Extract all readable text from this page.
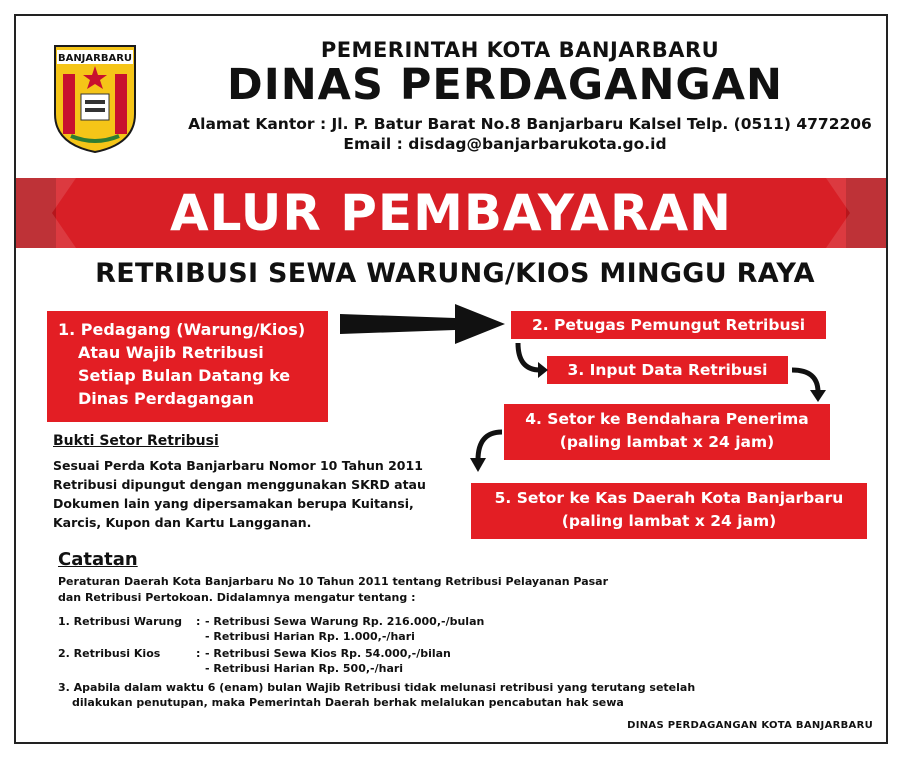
BANJARBARU	PEMERINTAH KOTA BANJARBARU
DINAS PERDAGANGAN
Alamat Kantor : Jl. P. Batur Barat No.8 Banjarbaru Kalsel Telp. (0511) 4772206
Email : disdag@banjarbarukota.go.id
ALUR PEMBAYARAN
RETRIBUSI SEWA WARUNG/KIOS MINGGU RAYA
1. Pedagang (Warung/Kios)
Atau Wajib Retribusi
Setiap Bulan Datang ke
Dinas Perdagangan
2. Petugas Pemungut Retribusi
3. Input Data Retribusi
4. Setor ke Bendahara Penerima
(paling lambat x 24 jam)
5. Setor ke Kas Daerah Kota Banjarbaru
(paling lambat x 24 jam)
Bukti Setor Retribusi
Sesuai Perda Kota Banjarbaru Nomor 10 Tahun 2011
Retribusi dipungut dengan menggunakan SKRD atau
Dokumen lain yang dipersamakan berupa Kuitansi,
Karcis, Kupon dan Kartu Langganan.
Catatan
Peraturan Daerah Kota Banjarbaru No 10 Tahun 2011 tentang Retribusi Pelayanan Pasar
dan Retribusi Pertokoan. Didalamnya mengatur tentang :
1. Retribusi Warung : - Retribusi Sewa Warung Rp. 216.000,-/bulan
- Retribusi Harian Rp. 1.000,-/hari
2. Retribusi Kios	: - Retribusi Sewa Kios Rp. 54.000,-/bilan
- Retribusi Harian Rp. 500,-/hari
3. Apabila dalam waktu 6 (enam) bulan Wajib Retribusi tidak melunasi retribusi yang terutang setelah
dilakukan penutupan, maka Pemerintah Daerah berhak melalukan pencabutan hak sewa
DINAS PERDAGANGAN KOTA BANJARBARU
